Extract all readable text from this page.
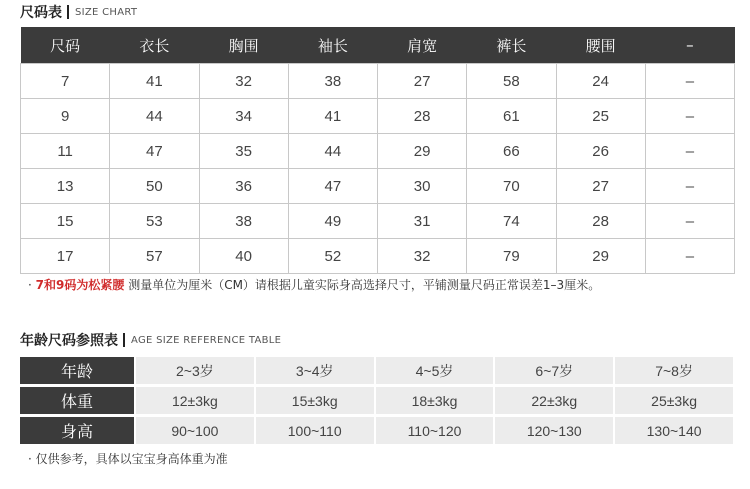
尺码表 SIZE CHART
尺码	衣长	胸围	袖长	肩宽	裤长	腰围	–
7	41	32	38	27	58	24	–
9	44	34	41	28	61	25	–
11	47	35	44	29	66	26	–
13	50	36	47	30	70	27	–
15	53	38	49	31	74	28	–
17	57	40	52	32	79	29	–
· 7和9码为松紧腰 测量单位为厘米（CM）请根据儿童实际身高选择尺寸，平铺测量尺码正常误差1–3厘米。
年龄尺码参照表 AGE SIZE REFERENCE TABLE
年龄	2~3岁	3~4岁	4~5岁	6~7岁	7~8岁
体重	12±3kg	15±3kg	18±3kg	22±3kg	25±3kg
身高	90~100	100~110	110~120	120~130	130~140
· 仅供参考，具体以宝宝身高体重为准
